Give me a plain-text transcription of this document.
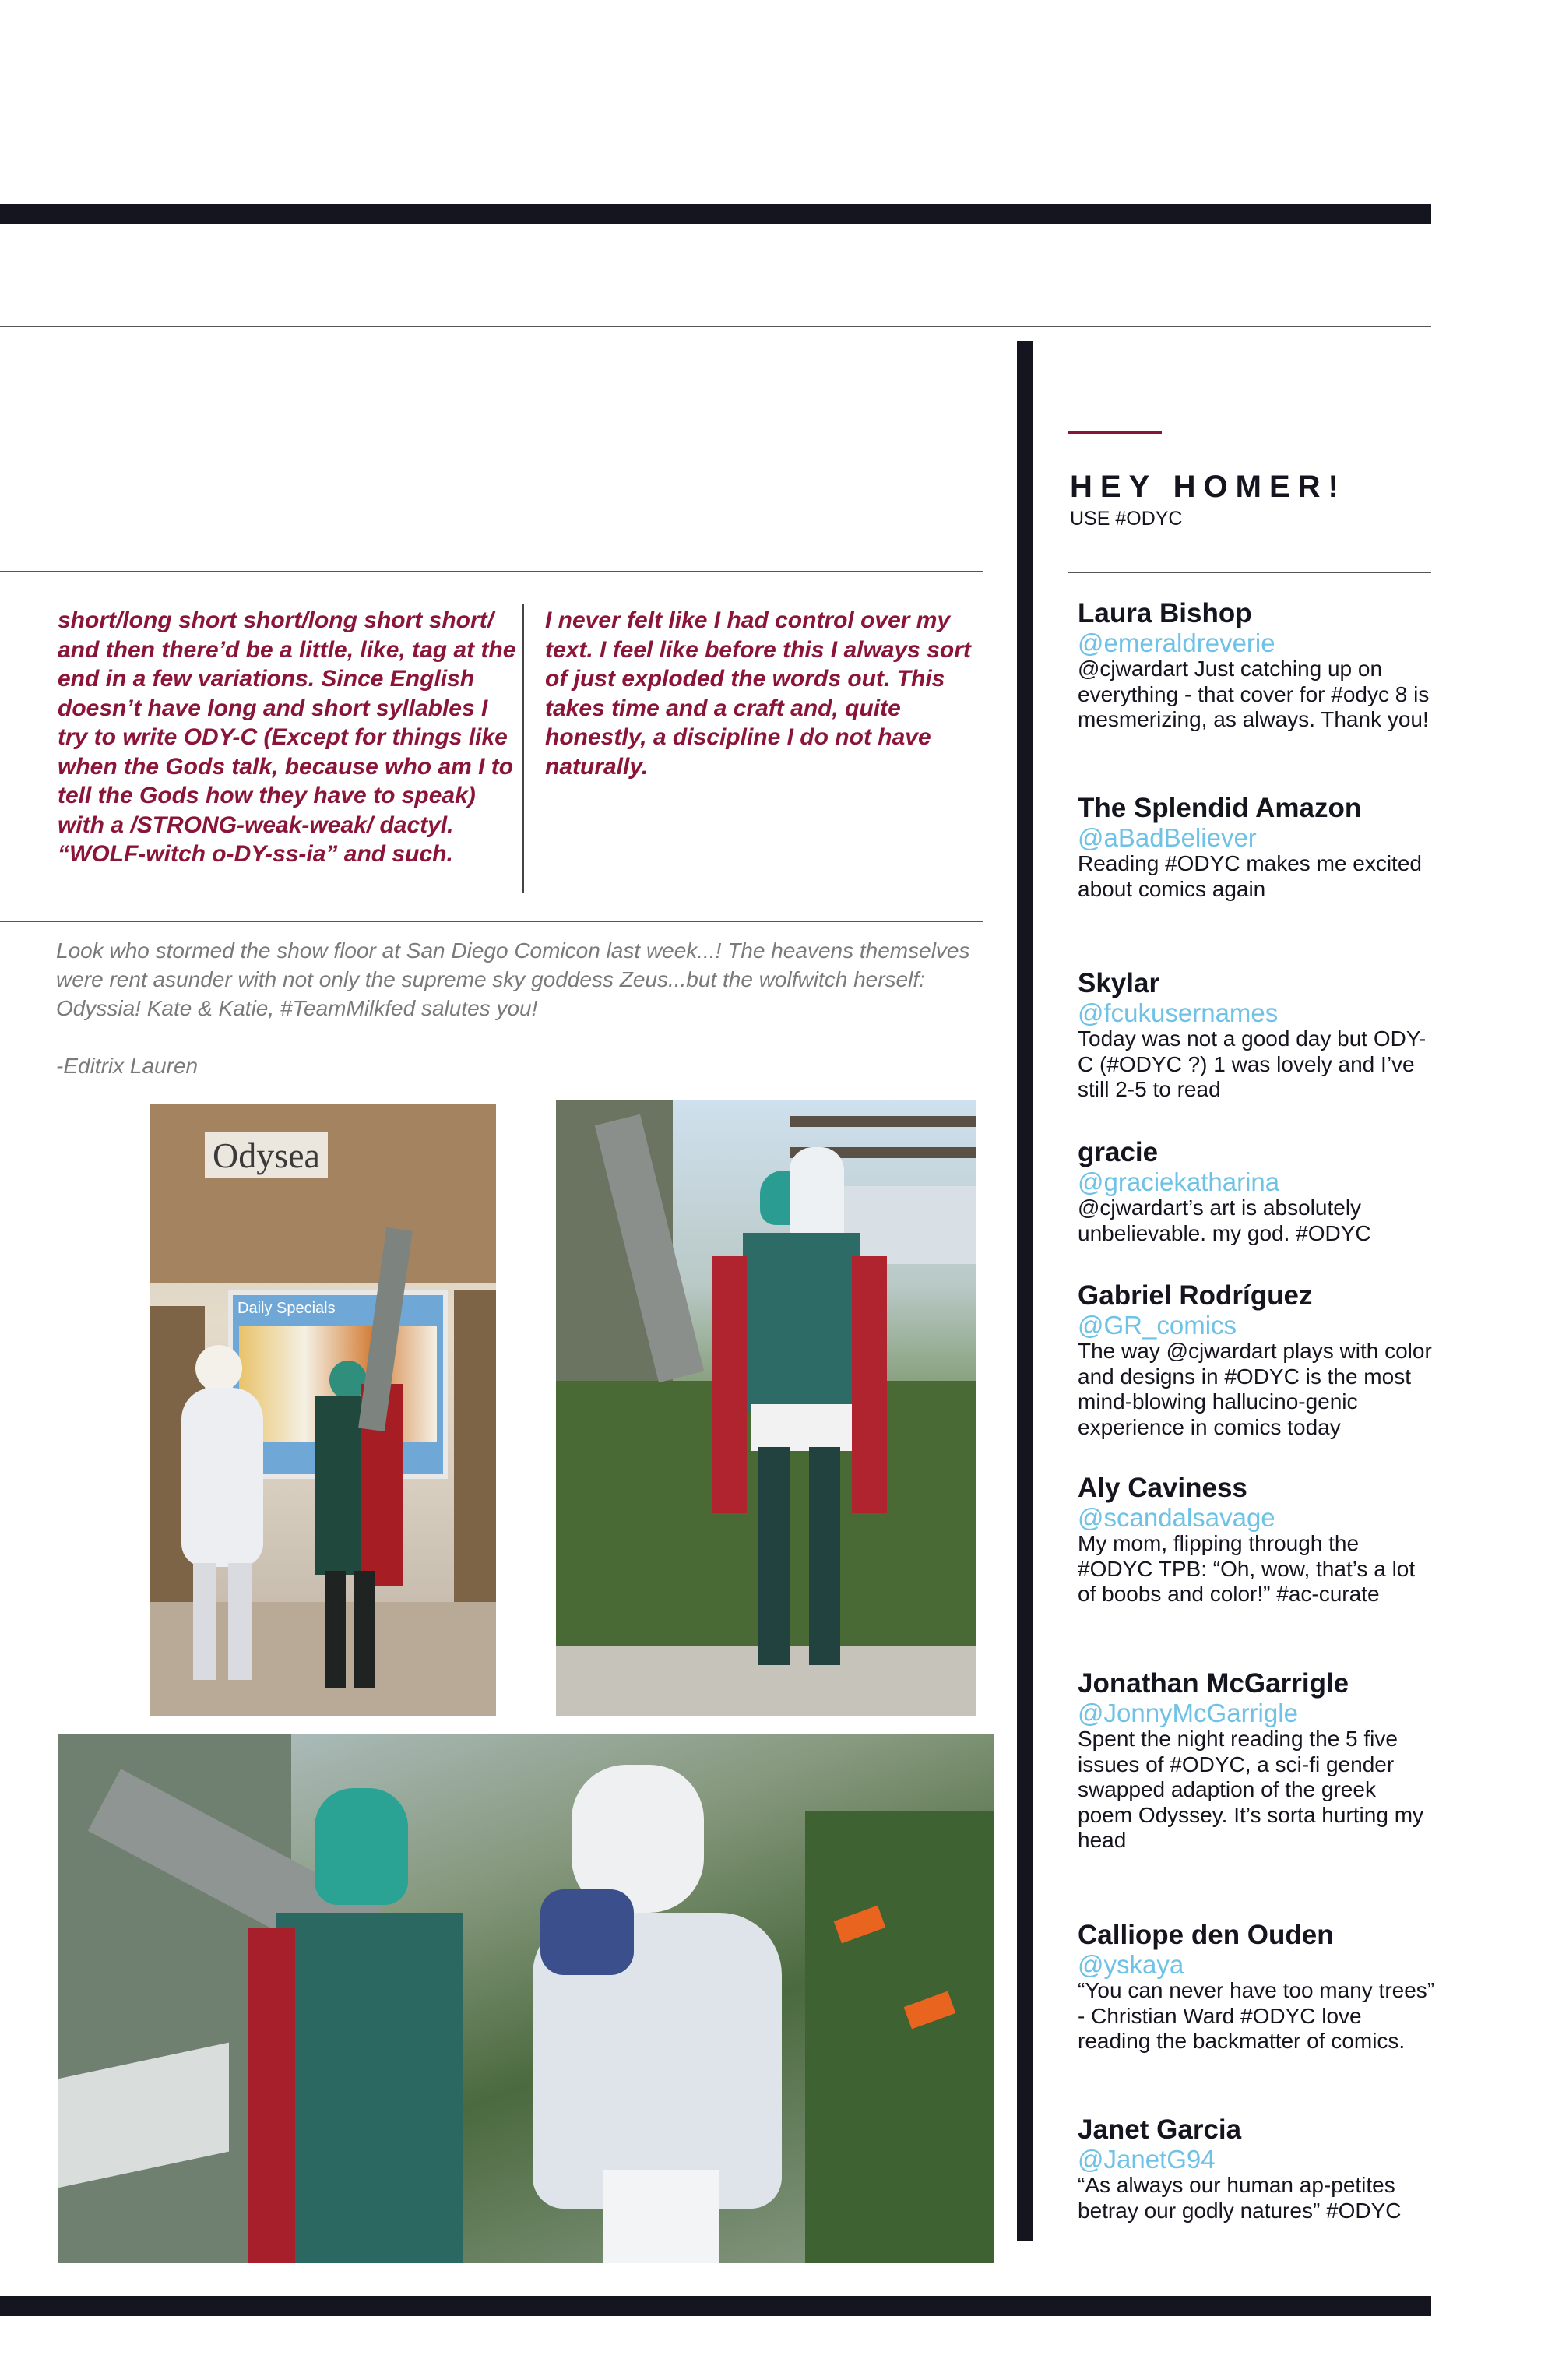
short/long short short/long short short/ and then there’d be a little, like, tag at the end in a few variations. Since English doesn’t have long and short syllables I try to write ODY-C (Except for things like when the Gods talk, because who am I to tell the Gods how they have to speak) with a /STRONG-weak-weak/ dactyl. “WOLF-witch o-DY-ss-ia” and such.
I never felt like I had control over my text. I feel like before this I always sort of just exploded the words out. This takes time and a craft and, quite honestly, a discipline I do not have naturally.
Look who stormed the show floor at San Diego Comicon last week...! The heavens themselves were rent asunder with not only the supreme sky goddess Zeus...but the wolfwitch herself: Odyssia! Kate & Katie, #TeamMilkfed salutes you!
-Editrix Lauren
Odysea
Daily Specials
HEY HOMER!
USE #ODYC
Laura Bishop
@emeraldreverie
@cjwardart Just catching up on everything - that cover for #odyc 8 is mesmerizing, as always. Thank you!
The Splendid Amazon
@aBadBeliever
Reading #ODYC makes me excited about comics again
Skylar
@fcukusernames
Today was not a good day but ODY-C (#ODYC ?) 1 was lovely and I’ve still 2-5 to read
gracie
@graciekatharina
@cjwardart’s art is absolutely unbelievable. my god. #ODYC
Gabriel Rodríguez
@GR_comics
The way @cjwardart plays with color and designs in #ODYC is the most mind-blowing hallucino-genic experience in comics today
Aly Caviness
@scandalsavage
My mom, flipping through the #ODYC TPB: “Oh, wow, that’s a lot of boobs and color!” #ac-curate
Jonathan McGarrigle
@JonnyMcGarrigle
Spent the night reading the 5 five issues of #ODYC, a sci-fi gender swapped adaption of the greek poem Odyssey. It’s sorta hurting my head
Calliope den Ouden
@yskaya
“You can never have too many trees” - Christian Ward #ODYC love reading the backmatter of comics.
Janet Garcia
@JanetG94
“As always our human ap-petites betray our godly natures” #ODYC
